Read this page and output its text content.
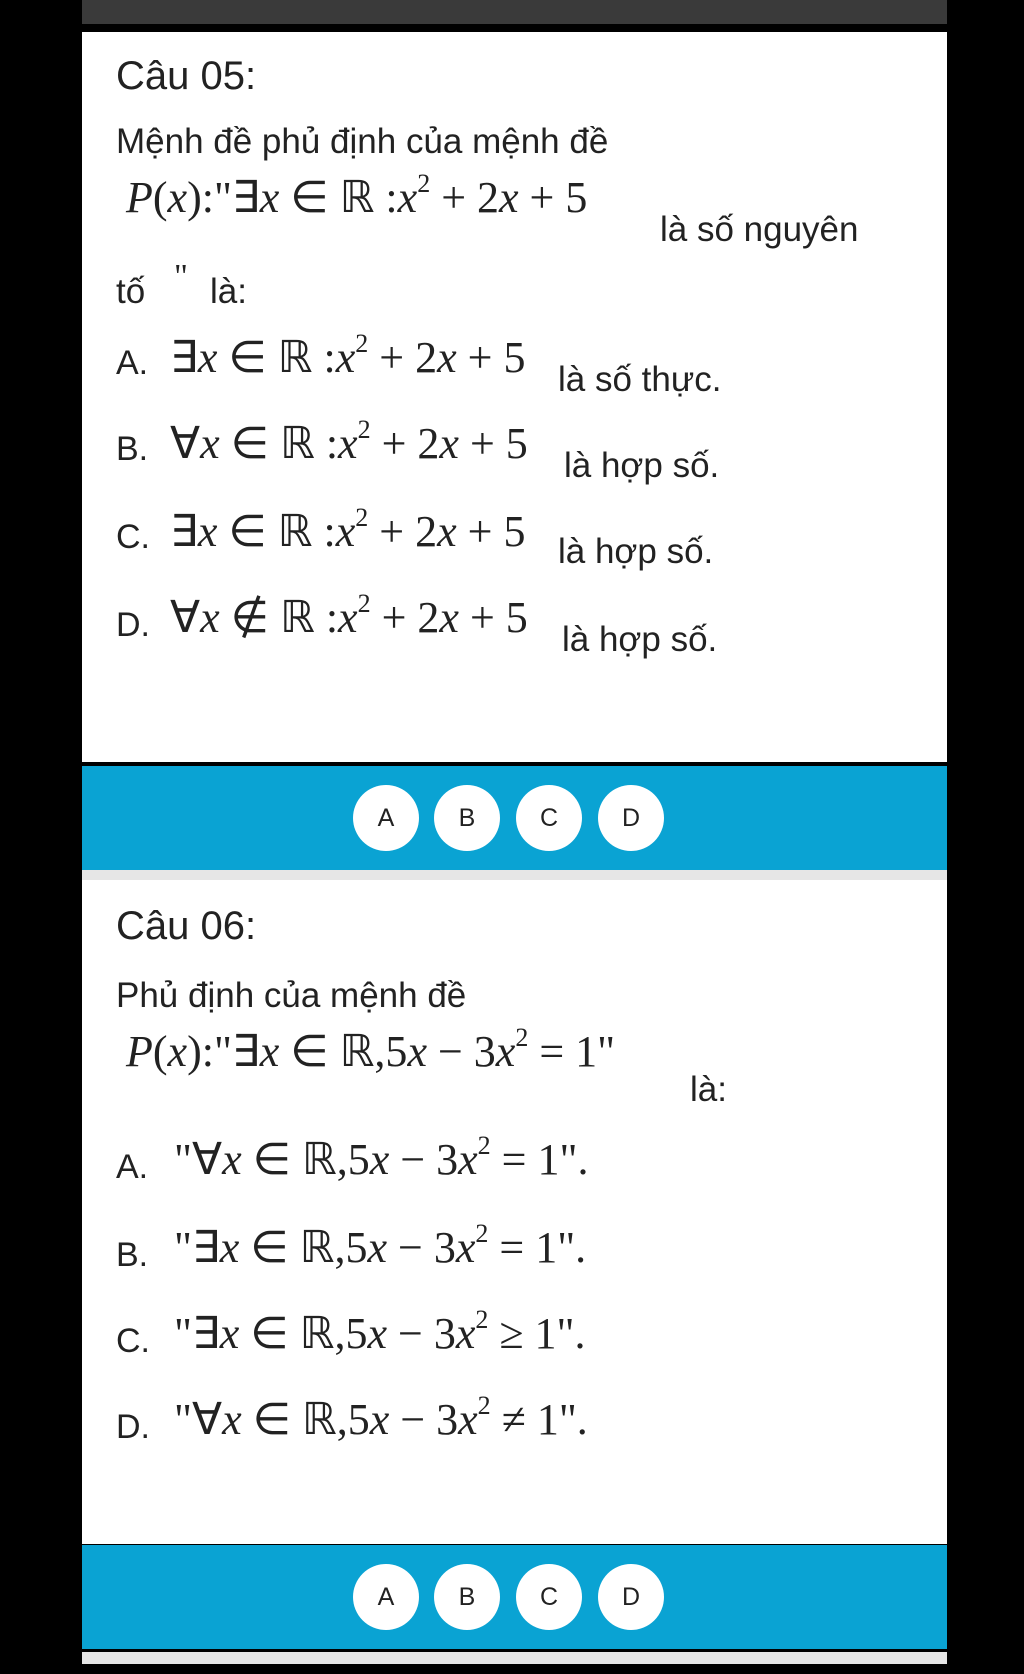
Câu 05:
Mệnh đề phủ định của mệnh đề
P(x):"∃x ∈ ℝ $:x^2 + 2x + 5$
là số nguyên
tố " là:
A. ∃x ∈ ℝ $:x^2 + 2x + 5$ là số thực.
B. ∀x ∈ ℝ $:x^2 + 2x + 5$ là hợp số.
C. ∃x ∈ ℝ $:x^2 + 2x + 5$ là hợp số.
D. ∀x ∉ ℝ $:x^2 + 2x + 5$ là hợp số.
A	B	C	D
Câu 06:
Phủ định của mệnh đề
P(x):"∃x ∈ ℝ,5x − $3x^2 = 1$"
là:
A. "∀x ∈ ℝ,5x − $3x^2 = 1$".
B. "∃x ∈ ℝ,5x − $3x^2 = 1$".
C. "∃x ∈ ℝ,5x − $3x^2 \ge 1$".
D. "∀x ∈ ℝ,5x − $3x^2 \ne 1$".
A	B	C	D
